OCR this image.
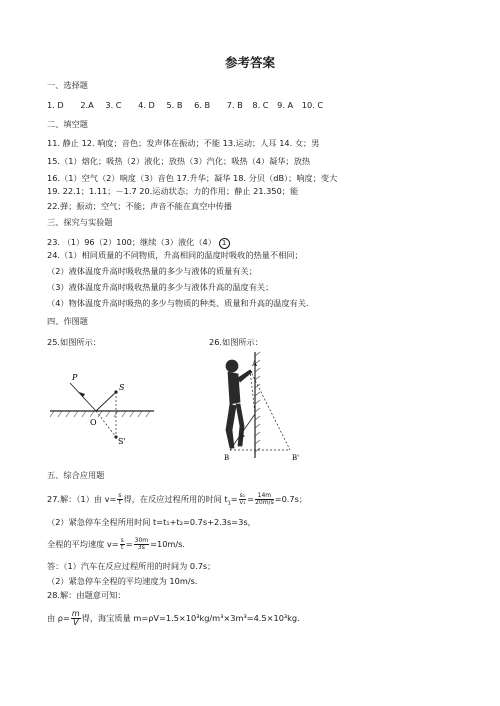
参考答案
一、选择题
1. D 2.A 3. C 4. D 5. B 6. B 7. B 8. C 9. A 10. C
二、填空题
11. 静止 12. 响度；音色；发声体在振动；不能 13.运动；人耳 14. 女；男
15.（1）熔化；吸热（2）液化；放热（3）汽化；吸热（4）凝华；放热
16.（1）空气（2）响度（3）音色 17.升华；凝华 18. 分贝（dB）；响度；变大
19. 22.1；1.11；－1.7 20.运动状态；力的作用；静止 21.350；能
22.弹；振动；空气；不能；声音不能在真空中传播
三、探究与实验题
23. （1）96（2）100；继续（3）液化（4） 1
24.（1）相同质量的不同物质，升高相同的温度时吸收的热量不相同；
（2）液体温度升高时吸收热量的多少与液体的质量有关；
（3）液体温度升高时吸收热量的多少与液体升高的温度有关；
（4）物体温度升高时吸热的多少与物质的种类、质量和升高的温度有关.
四、作图题
25.如图所示：	26.如图所示：
P
S
O
S'
A
B	B'
五、综合应用题
27.解：（1）由 $v= \frac{s}{t}$ 得，在反应过程所用的时间 $t_1= \frac{\text{s₁}}{\text{v₁}} = \frac{14m}{20m/s} =0.7s$；
（2）紧急停车全程所用时间 t=t₁+t₂=0.7s+2.3s=3s，
全程的平均速度 $v= \frac{s}{t} = \frac{30m}{3s} =10m/s$．
答：（1）汽车在反应过程所用的时间为 0.7s；
（2）紧急停车全程的平均速度为 10m/s．
28.解：由题意可知：
由 $\rho= \frac{m}{V}$ 得，海宝质量 m=ρV=1.5×10³kg/m³×3m³=4.5×10³kg．
